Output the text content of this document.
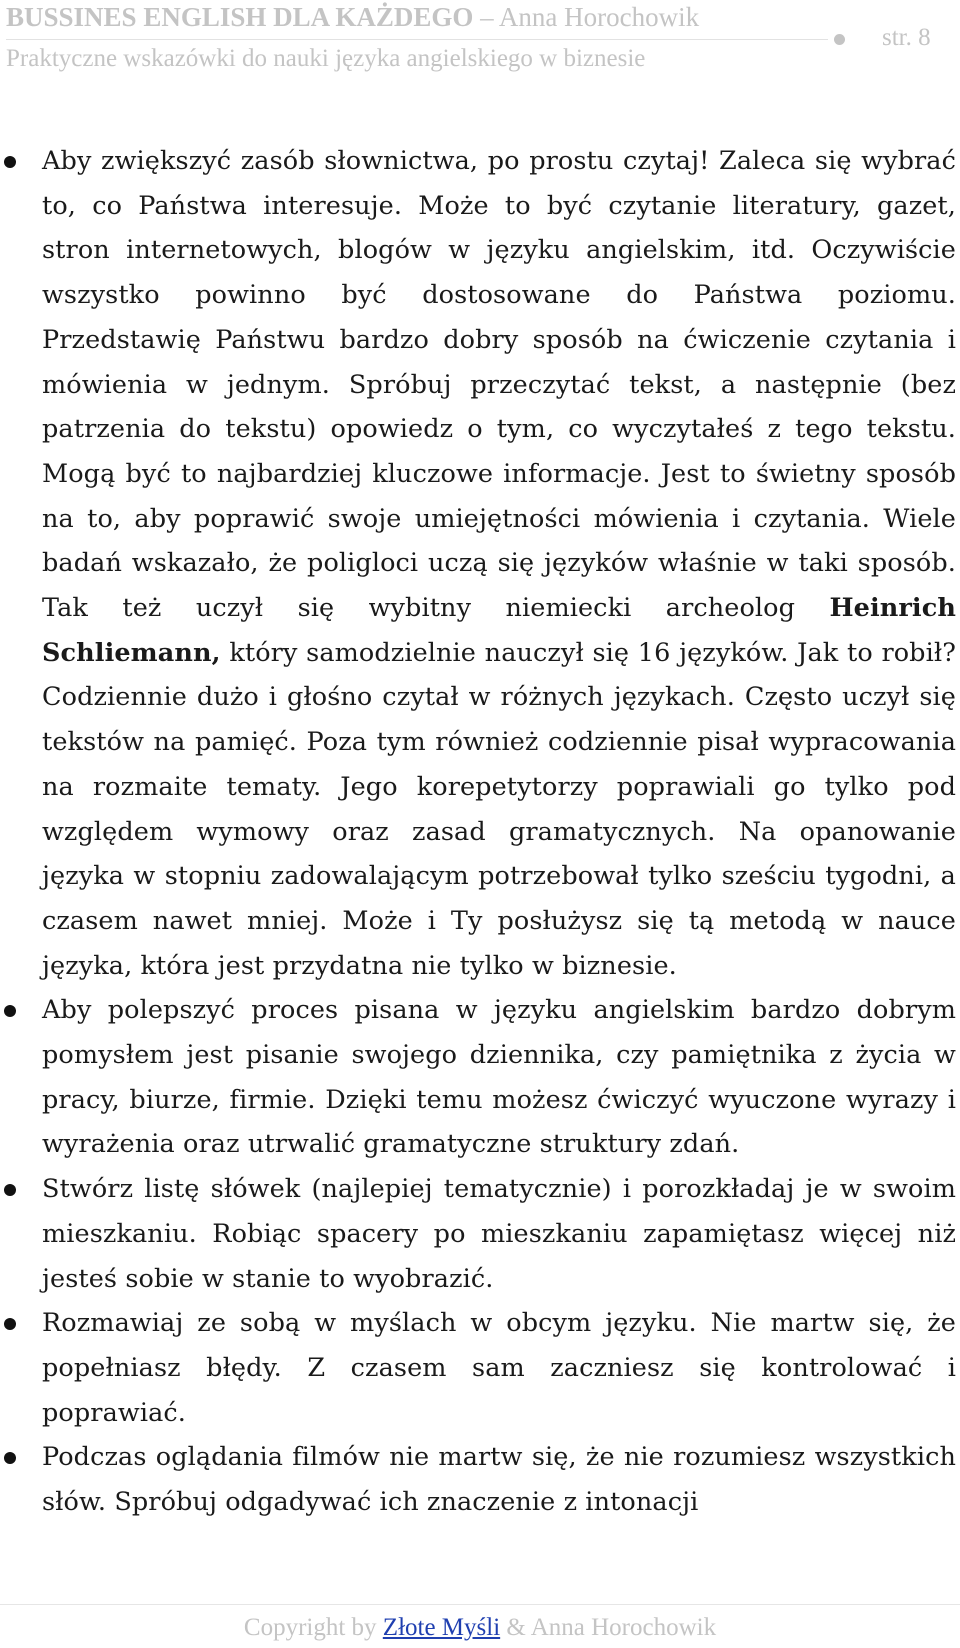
BUSSINES ENGLISH DLA KAŻDEGO – Anna Horochowik
Praktyczne wskazówki do nauki języka angielskiego w biznesie
str. 8
Aby zwiększyć zasób słownictwa, po prostu czytaj! Zaleca się wybrać to, co Państwa interesuje. Może to być czytanie literatury, gazet, stron internetowych, blogów w języku angielskim, itd. Oczywiście wszystko powinno być dostosowane do Państwa poziomu. Przedstawię Państwu bardzo dobry sposób na ćwiczenie czytania i mówienia w jednym. Spróbuj przeczytać tekst, a następnie (bez patrzenia do tekstu) opowiedz o tym, co wyczytałeś z tego tekstu. Mogą być to najbardziej kluczowe informacje. Jest to świetny sposób na to, aby poprawić swoje umiejętności mówienia i czytania. Wiele badań wskazało, że poligloci uczą się języków właśnie w taki sposób. Tak też uczył się wybitny niemiecki archeolog Heinrich Schliemann, który samodzielnie nauczył się 16 języków. Jak to robił? Codziennie dużo i głośno czytał w różnych językach. Często uczył się tekstów na pamięć. Poza tym również codziennie pisał wypracowania na rozmaite tematy. Jego korepetytorzy poprawiali go tylko pod względem wymowy oraz zasad gramatycznych. Na opanowanie języka w stopniu zadowalającym potrzebował tylko sześciu tygodni, a czasem nawet mniej. Może i Ty posłużysz się tą metodą w nauce języka, która jest przydatna nie tylko w biznesie.
Aby polepszyć proces pisana w języku angielskim bardzo dobrym pomysłem jest pisanie swojego dziennika, czy pamiętnika z życia w pracy, biurze, firmie. Dzięki temu możesz ćwiczyć wyuczone wyrazy i wyrażenia oraz utrwalić gramatyczne struktury zdań.
Stwórz listę słówek (najlepiej tematycznie) i porozkładaj je w swoim mieszkaniu. Robiąc spacery po mieszkaniu zapamiętasz więcej niż jesteś sobie w stanie to wyobrazić.
Rozmawiaj ze sobą w myślach w obcym języku. Nie martw się, że popełniasz błędy. Z czasem sam zaczniesz się kontrolować i poprawiać.
Podczas oglądania filmów nie martw się, że nie rozumiesz wszystkich słów. Spróbuj odgadywać ich znaczenie z intonacji
Copyright by Złote Myśli & Anna Horochowik
